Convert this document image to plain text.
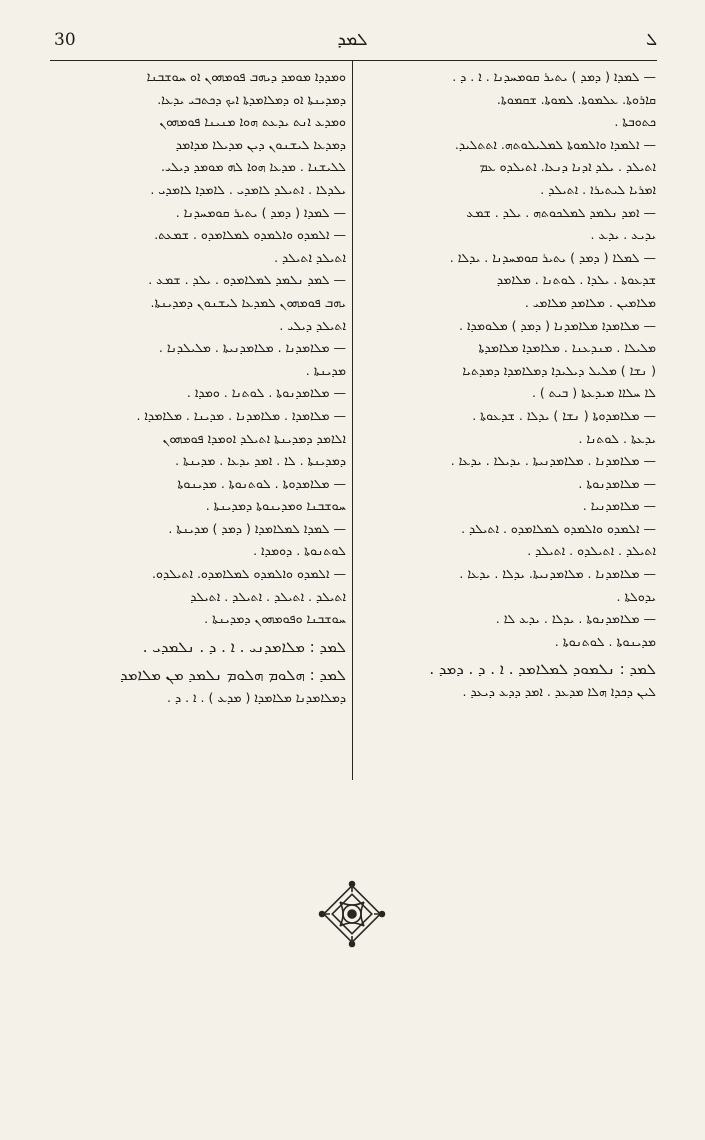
30	ܠܡܕ	ܠ

— ܠܡܕܐ ( ܕܡܕ ) ܝܬܝܪ ܩܘܡܚܕܢܐ . ܐ . ܕ .

ܩܐܪܘܬܐ. ܥܠܡܘܬܐ. ܠܡܘܬܐ. ܫܩܡܘܬܐ.

ܟܬܘܒܬܐ .

— ܐܠܡܕܐ ܘܐܠܡܘܬܐ ܠܡܠܝܠܘܬܗ. ܐܬܬܠܝܕ.

ܐܬܝܠܕ . ܝܠܕ ܐܕܢܐ ܕܢܥܐ. ܐܬܝܠܕܘ ܥܡ

ܐܡܪܝܐ ܠܝܬܝܪܐ . ܐܬܝܠܕ .

— ܐܡܕ ܢܠܡܕ ܠܡܠܟܘܬܗ . ܝܠܕ . ܫܡܥ

ܝܕܝܥ . ܝܕܥ .

— ܠܡܠܐ ( ܕܡܕ ) ܝܬܝܪ ܩܘܡܚܕܢܐ . ܝܕܠܐ .

ܫܕܥܘܬܐ . ܝܠܕܐ . ܠܘܬܢܐ . ܡܠܐܡܕ

ܡܠܐܡܝܢ . ܡܠܐܡܕ ܡܠܐܡܝ .

— ܡܠܐܡܕܐ ܡܠܐܡܕܢܐ ( ܕܡܕ ) ܡܠܘܡܕܐ .

ܡܠܝܠܐ . ܡܢܕܥܢܐ . ܡܠܐܡܕܐ ܡܠܐܡܕܬܐ

( ܢܫܐ ) ܡܠܝܠ ܕܝܠܝܕܐ ܕܡܠܐܡܕܐ ܕܡܕܬܝܐ

ܠܐ ܚܠܐܐ ܡܝܕܥܬܐ ( ܒܝܬ ) .

— ܡܠܐܡܕܘܬܐ ( ܢܫܐ ) ܝܕܠܐ . ܫܕܥܘܬܐ .

ܝܕܥܬܐ . ܠܘܬܢܐ .

— ܡܠܐܡܕܢܐ . ܡܠܐܡܕܢܝܬܐ . ܝܕܝܠܐ . ܝܕܥܐ .

— ܡܠܐܡܕܢܘܬܐ .

— ܡܠܐܡܕܢܝܐ .

— ܐܠܡܕܘ ܘܐܠܡܕܘ ܠܡܠܐܡܕܘ . ܐܬܝܠܕ .

ܐܬܝܠܕ . ܐܬܝܠܕܘ . ܐܬܝܠܕ .

— ܡܠܐܡܕܢܐ . ܡܠܐܡܕܢܝܬܐ. ܝܕܠܐ . ܝܕܥܐ .

ܝܕܘܠܬܐ .

— ܡܠܐܡܕܢܘܬܐ . ܝܕܠܐ . ܝܕܥ ܠܐ .

ܡܕܝܢܘܬܐ . ܠܘܬܢܘܬܐ .

ܠܡܕ : ܢܠܡܘܕ ܠܡܠܐܡܕ . ܐ . ܕ . ܕܡܕ .

ܠܝܢ ܕܟܕܐ ܗܠܐ ܡܕܥܕ . ܐܡܕ ܕܕܥ ܕܝܥܕ .

ܘܡܕܕܐ ܡܘܡܕ ܕܝܗܒ ܦܘܡܗܘܢ ܐܘ ܚܘܫܒܢܐ

ܕܡܕܝܢܬܐ ܐܘ ܕܡܠܐܡܕܬܐ ܐܝܟ ܕܟܬܒܝ ܝܕܥܐ.

ܘܡܕܥ ܐܢܬ ܝܕܥܬ ܗܘܐ ܡܢܝܢܐ ܦܘܡܗܘܢ

ܕܡܕܥܐ ܠܝܫܢܘܢ ܕܝܢ ܡܕܝܠܐ ܡܕܐܡܕ

ܠܠܝܫܢܐ . ܡܕܥܐ ܗܘܐ ܠܗ ܡܘܡܕ ܕܝܠܝ.

ܝܠܕܠܐ . ܐܬܝܠܕ ܠܐܡܕܝ . ܠܐܡܕܐ ܠܐܡܕܝ .

— ܠܡܕܐ ( ܕܡܕ ) ܝܬܝܪ ܩܘܡܚܕܢܐ .

— ܐܠܡܕܘ ܘܐܠܡܕܘ ܠܡܠܐܡܕܘ . ܫܡܥܬ.

ܐܬܝܠܕ ܐܬܝܠܕ .

— ܠܡܕ ܢܠܡܕ ܠܡܠܐܡܕܘ . ܝܠܕ . ܫܡܥ .

ܝܗܒ ܦܘܡܗܘܢ ܠܡܕܥܐ ܠܝܫܢܘܢ ܕܡܕܝܢܬܐ.

ܐܬܝܠܕ ܕܝܠܝ .

— ܡܠܐܡܕܢܐ . ܡܠܐܡܕܢܝܬܐ . ܡܠܝܠܕܢܐ .

ܡܕܝܢܬܐ .

— ܡܠܐܡܕܢܘܬܐ . ܠܘܬܢܐ . ܘܡܕܐ .

— ܡܠܐܡܕܐ . ܡܠܐܡܕܢܐ . ܡܕܝܢܐ . ܡܠܐܡܕܐ .

ܐܠܐܡܕ ܕܡܕܝܢܬܐ ܐܬܝܠܕ ܐܘܡܕܐ ܦܘܡܗܘܢ

ܕܡܕܝܢܬܐ . ܠܐ . ܐܡܕ ܝܕܥܐ . ܡܕܝܢܬܐ .

— ܡܠܐܡܕܘܬܐ . ܠܘܬܢܘܬܐ . ܡܕܝܢܘܬܐ

ܚܘܫܒܢܐ ܘܡܕܝܢܘܬܐ ܕܡܕܝܢܬܐ .

— ܠܡܕܐ ܠܡܠܐܡܕܐ ( ܕܡܕ ) ܡܕܝܢܬܐ .

ܠܘܬܢܘܬܐ . ܕܘܡܕܐ .

— ܐܠܡܕܘ ܘܐܠܡܕܘ ܠܡܠܐܡܕܘ. ܐܬܝܠܕܘ.

ܐܬܝܠܕ . ܐܬܝܠܕ . ܐܬܝܠܕ . ܐܬܝܠܕ

ܚܘܫܒܢܐ ܘܦܘܡܗܘܢ ܕܡܕܝܢܬܐ .

ܠܡܕ : ܡܠܐܡܕܢܝ . ܐ . ܕ . ܢܠܡܕܝ .

ܠܡܕ : ܗܠܘܡ ܗܠܘܡ ܢܠܡܕ ܡܢ ܡܠܐܡܕ

ܕܡܠܐܡܕܢܐ ܡܠܐܡܕܐ ( ܡܕܥ ) . ܐ . ܕ .
